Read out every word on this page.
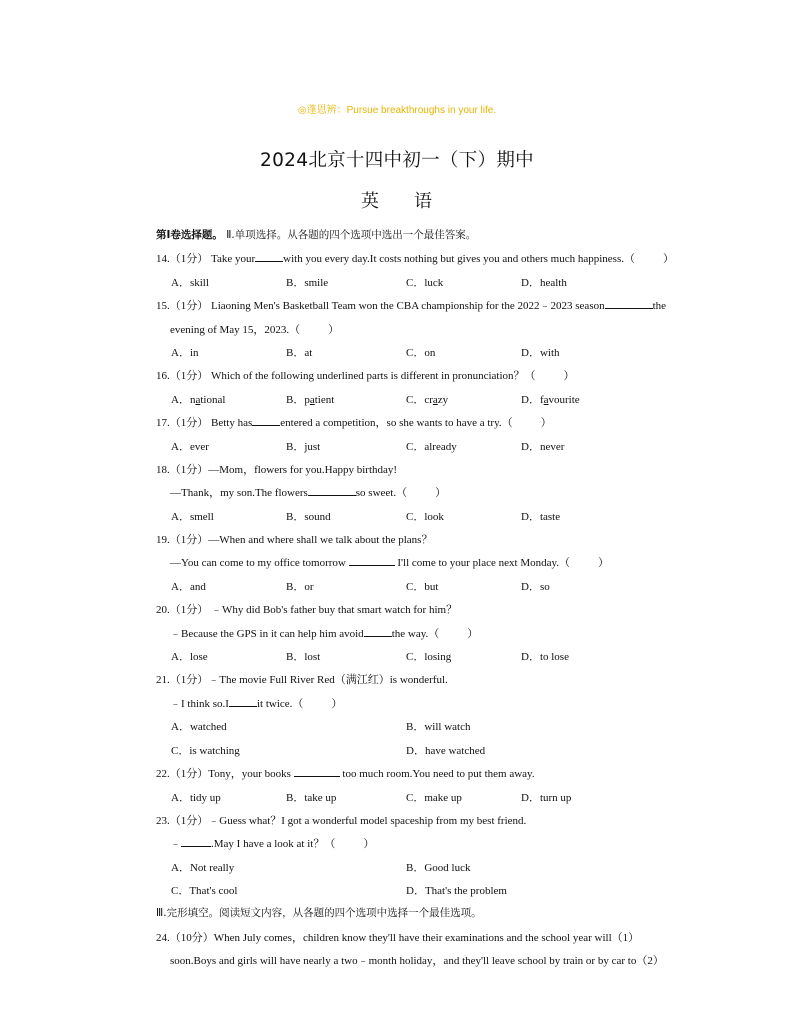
◎蓬恩辨：Pursue breakthroughs in your life.
2024北京十四中初一（下）期中
英 语
第I卷选择题。 Ⅱ.单项选择。从各题的四个选项中选出一个最佳答案。
14.（1分） Take your	with you every day.It costs nothing but gives you and others much happiness.（	）
A．skill	B．smile	C．luck	D．health
15.（1分） Liaoning Men's Basketball Team won the CBA championship for the 2022﹣2023 season	the
evening of May 15，2023.（	）
A．in	B．at	C．on	D．with
16.（1分） Which of the following underlined parts is different in pronunciation？（	）
A．national	B．patient	C．crazy	D．favourite
17.（1分） Betty has	entered a competition，so she wants to have a try.（	）
A．ever	B．just	C．already	D．never
18.（1分）—Mom，flowers for you.Happy birthday!
—Thank，my son.The flowers	so sweet.（	）
A．smell	B．sound	C．look	D．taste
19.（1分）—When and where shall we talk about the plans？
—You can come to my office tomorrow	I'll come to your place next Monday.（	）
A．and	B．or	C．but	D．so
20.（1分） ﹣Why did Bob's father buy that smart watch for him？
﹣Because the GPS in it can help him avoid	the way.（	）
A．lose	B．lost	C．losing	D．to lose
21.（1分）﹣The movie Full River Red（满江红）is wonderful.
﹣I think so.I	it twice.（	）
A．watched	B．will watch
C．is watching	D．have watched
22.（1分）Tony，your books	too much room.You need to put them away.
A．tidy up	B．take up	C．make up	D．turn up
23.（1分）﹣Guess what？I got a wonderful model spaceship from my best friend.
﹣	.May I have a look at it？（	）
A．Not really	B．Good luck
C．That's cool	D．That's the problem
Ⅲ.完形填空。阅读短文内容，从各题的四个选项中选择一个最佳选项。
24.（10分）When July comes，children know they'll have their examinations and the school year will（1）
soon.Boys and girls will have nearly a two﹣month holiday，and they'll leave school by train or by car to（2）
